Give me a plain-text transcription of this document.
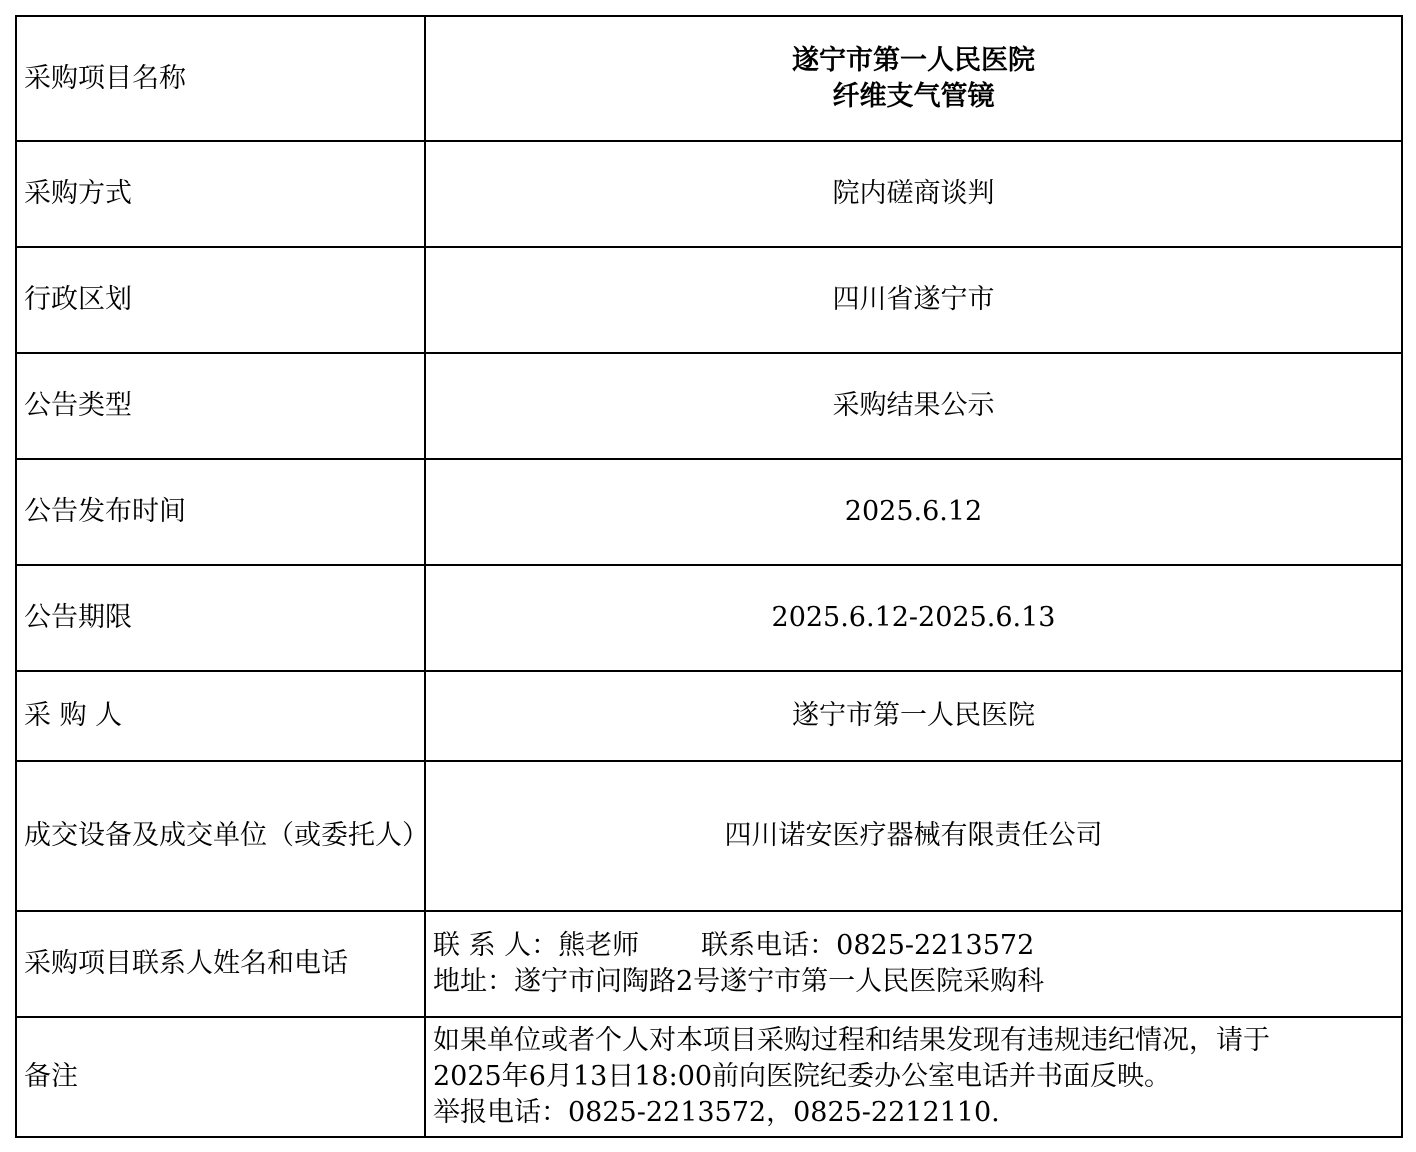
采购项目名称	遂宁市第一人民医院
纤维支气管镜

采购方式	院内磋商谈判
行政区划	四川省遂宁市
公告类型	采购结果公示
公告发布时间	2025.6.12
公告期限	2025.6.12-2025.6.13
采 购 人	遂宁市第一人民医院
成交设备及成交单位（或委托人）	四川诺安医疗器械有限责任公司
采购项目联系人姓名和电话	联 系 人：熊老师 联系电话：0825-2213572
地址：遂宁市问陶路2号遂宁市第一人民医院采购科

备注	如果单位或者个人对本项目采购过程和结果发现有违规违纪情况，请于
2025年6月13日18:00前向医院纪委办公室电话并书面反映。
举报电话：0825-2213572，0825-2212110.
